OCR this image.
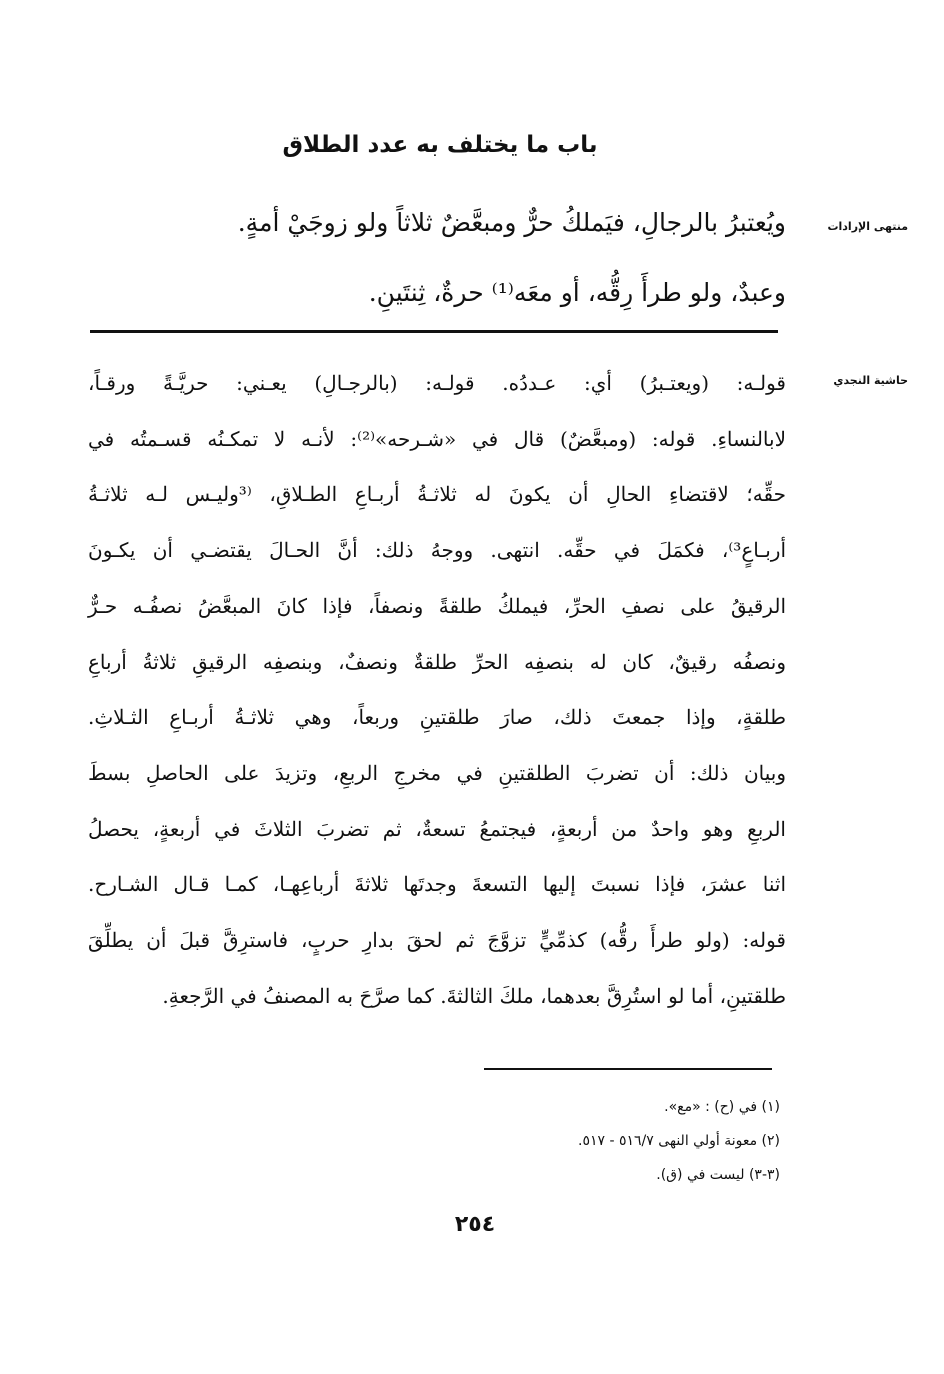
باب ما يختلف به عدد الطلاق
منتهى الإرادات
ويُعتبرُ بالرجالِ، فيَملكُ حرٌّ ومبعَّضٌ ثلاثاً ولو زوجَيْ أمةٍ.
وعبدٌ، ولو طرأَ رِقُّه، أو معَه⁽¹⁾ حرةٌ، ثِنتَينِ.
حاشية النجدي
قولـه: (ويعتـبرُ) أي: عـددُه. قولـه: (بالرجـالِ) يعـني: حريَّـةً ورقـاً،
لابالنساءِ. قوله: (ومبعَّضٌ) قال في «شـرحه»⁽²⁾: لأنـه لا تمكـنُه قسـمتُه في
حقِّه؛ لاقتضاءِ الحالِ أن يكونَ له ثلاثـةُ أربـاعِ الطـلاقِ، ⁽³وليـس لـه ثلاثـةُ
أربـاعٍ³⁾، فكمَلَ في حقِّه. انتهى. ووجهُ ذلك: أنَّ الحـالَ يقتضـي أن يكـونَ
الرقيقُ على نصفِ الحرِّ، فيملكُ طلقةً ونصفاً، فإذا كانَ المبعَّضُ نصفُـه حـرٌّ
ونصفُه رقيقٌ، كان له بنصفِه الحرِّ طلقةٌ ونصفٌ، وبنصفِه الرقيقِ ثلاثةُ أرباعِ
طلقةٍ، وإذا جمعتَ ذلك، صارَ طلقتينِ وربعاً، وهي ثلاثـةُ أربـاعِ الثـلاثِ.
وبيان ذلك: أن تضربَ الطلقتينِ في مخرجِ الربعِ، وتزيدَ على الحاصلِ بسطَ
الربعِ وهو واحدٌ من أربعةٍ، فيجتمعُ تسعةٌ، ثم تضربَ الثلاثَ في أربعةٍ، يحصلُ
اثنا عشرَ، فإذا نسبتَ إليها التسعةَ وجدتَها ثلاثةَ أرباعِهـا، كمـا قـال الشـارح.
قوله: (ولو طرأَ رقُّه) كذمِّيٍّ تزوَّجَ ثم لحقَ بدارِ حربٍ، فاسترِقَّ قبلَ أن يطلِّقَ
طلقتينِ، أما لو استُرِقَّ بعدهما، ملكَ الثالثةَ. كما صرَّحَ به المصنفُ في الرَّجعةِ.
(١) في (ح) : «مع».
(٢) معونة أولي النهى ٥١٦/٧ - ٥١٧.
(٣-٣) ليست في (ق).
٢٥٤
